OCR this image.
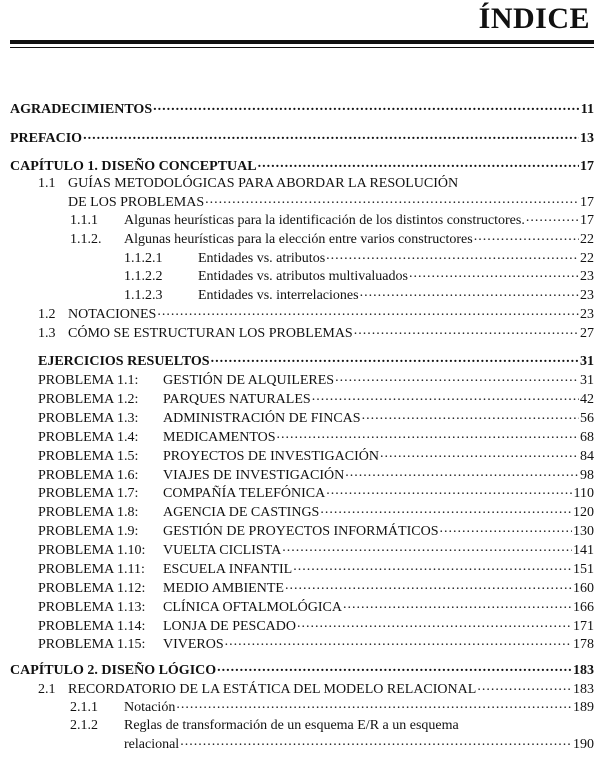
ÍNDICE
AGRADECIMIENTOS .....	11
PREFACIO .....	13
CAPÍTULO 1. DISEÑO CONCEPTUAL .....	17
1.1 GUÍAS METODOLÓGICAS PARA ABORDAR LA RESOLUCIÓN
DE LOS PROBLEMAS .....	17
1.1.1	Algunas heurísticas para la identificación de los distintos constructores. .....	17
1.1.2.	Algunas heurísticas para la elección entre varios constructores .....	22
1.1.2.1	Entidades vs. atributos .....	22
1.1.2.2	Entidades vs. atributos multivaluados .....	23
1.1.2.3	Entidades vs. interrelaciones .....	23
1.2 NOTACIONES .....	23
1.3 CÓMO SE ESTRUCTURAN LOS PROBLEMAS .....	27
EJERCICIOS RESUELTOS .....	31
PROBLEMA 1.1:	GESTIÓN DE ALQUILERES .....	31
PROBLEMA 1.2:	PARQUES NATURALES .....	42
PROBLEMA 1.3:	ADMINISTRACIÓN DE FINCAS .....	56
PROBLEMA 1.4:	MEDICAMENTOS .....	68
PROBLEMA 1.5:	PROYECTOS DE INVESTIGACIÓN .....	84
PROBLEMA 1.6:	VIAJES DE INVESTIGACIÓN .....	98
PROBLEMA 1.7:	COMPAÑÍA TELEFÓNICA .....	110
PROBLEMA 1.8:	AGENCIA DE CASTINGS .....	120
PROBLEMA 1.9:	GESTIÓN DE PROYECTOS INFORMÁTICOS .....	130
PROBLEMA 1.10:	VUELTA CICLISTA .....	141
PROBLEMA 1.11:	ESCUELA INFANTIL .....	151
PROBLEMA 1.12:	MEDIO AMBIENTE .....	160
PROBLEMA 1.13:	CLÍNICA OFTALMOLÓGICA .....	166
PROBLEMA 1.14:	LONJA DE PESCADO .....	171
PROBLEMA 1.15:	VIVEROS .....	178
CAPÍTULO 2. DISEÑO LÓGICO .....	183
2.1 RECORDATORIO DE LA ESTÁTICA DEL MODELO RELACIONAL .....	183
2.1.1	Notación .....	189
2.1.2	Reglas de transformación de un esquema E/R a un esquema
relacional .....	190
